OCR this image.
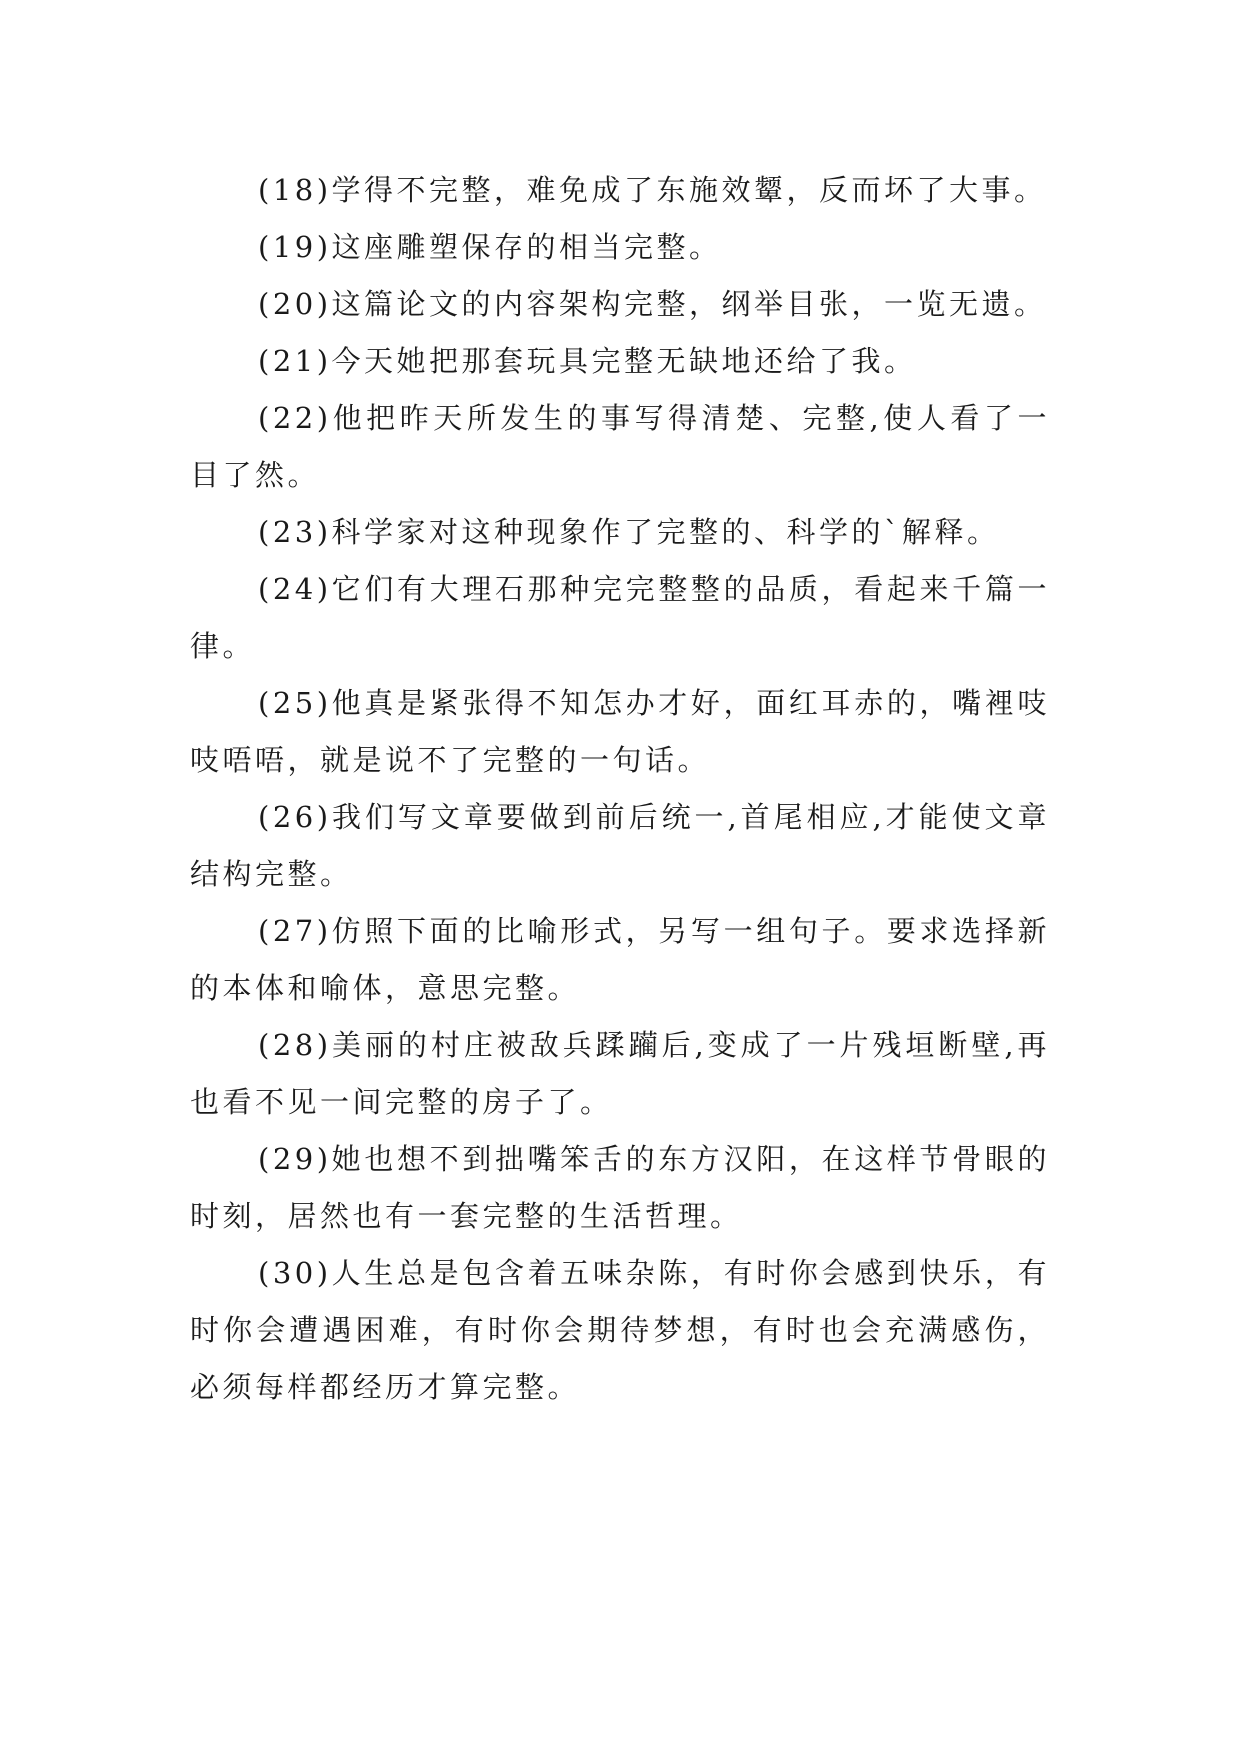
(18)学得不完整，难免成了东施效颦，反而坏了大事。

(19)这座雕塑保存的相当完整。

(20)这篇论文的内容架构完整，纲举目张，一览无遗。

(21)今天她把那套玩具完整无缺地还给了我。

(22)他把昨天所发生的事写得清楚、完整,使人看了一目了然。

(23)科学家对这种现象作了完整的、科学的`解释。

(24)它们有大理石那种完完整整的品质，看起来千篇一律。

(25)他真是紧张得不知怎办才好，面红耳赤的，嘴裡吱吱唔唔，就是说不了完整的一句话。

(26)我们写文章要做到前后统一,首尾相应,才能使文章结构完整。

(27)仿照下面的比喻形式，另写一组句子。要求选择新的本体和喻体，意思完整。

(28)美丽的村庄被敌兵蹂躏后,变成了一片残垣断壁,再也看不见一间完整的房子了。

(29)她也想不到拙嘴笨舌的东方汉阳，在这样节骨眼的时刻，居然也有一套完整的生活哲理。

(30)人生总是包含着五味杂陈，有时你会感到快乐，有时你会遭遇困难，有时你会期待梦想，有时也会充满感伤，必须每样都经历才算完整。
